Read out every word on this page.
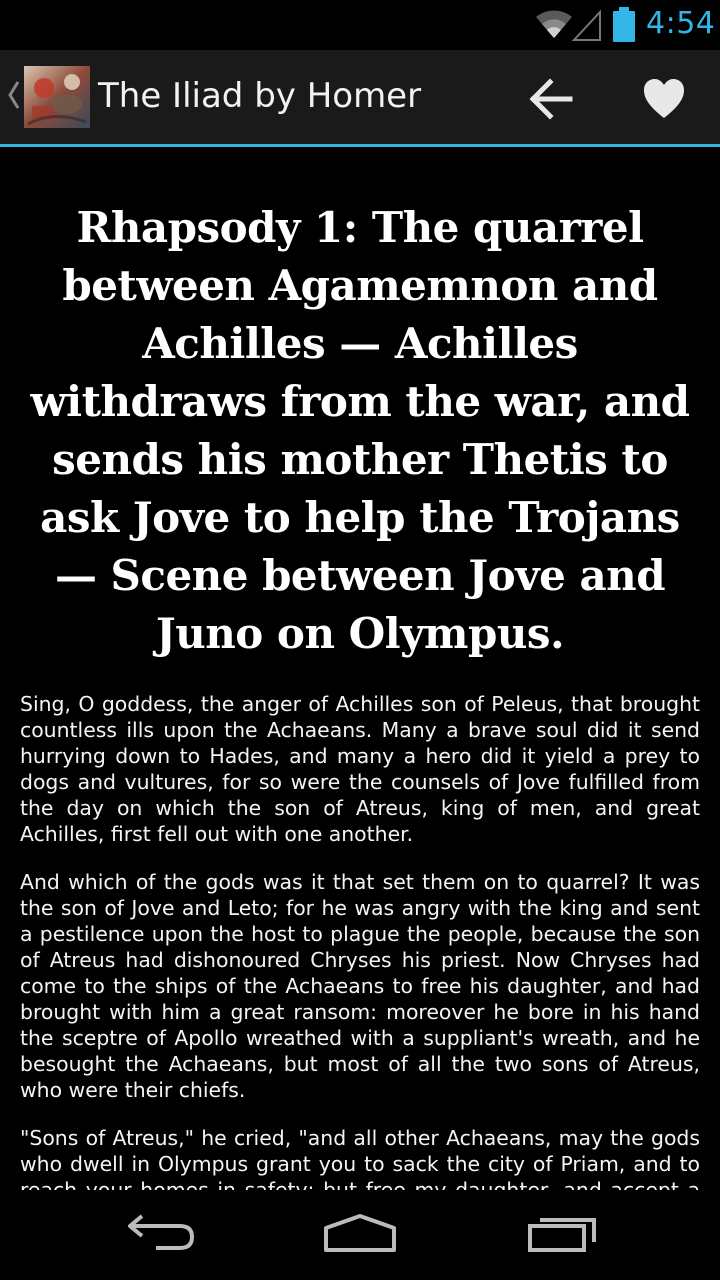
4:54
The Iliad by Homer
Rhapsody 1: The quarrel between Agamemnon and Achilles — Achilles withdraws from the war, and sends his mother Thetis to ask Jove to help the Trojans — Scene between Jove and Juno on Olympus.

Sing, O goddess, the anger of Achilles son of Peleus, that brought countless ills upon the Achaeans. Many a brave soul did it send hurrying down to Hades, and many a hero did it yield a prey to dogs and vultures, for so were the counsels of Jove fulfilled from the day on which the son of Atreus, king of men, and great Achilles, first fell out with one another.

And which of the gods was it that set them on to quarrel? It was the son of Jove and Leto; for he was angry with the king and sent a pestilence upon the host to plague the people, because the son of Atreus had dishonoured Chryses his priest. Now Chryses had come to the ships of the Achaeans to free his daughter, and had brought with him a great ransom: moreover he bore in his hand the sceptre of Apollo wreathed with a suppliant's wreath, and he besought the Achaeans, but most of all the two sons of Atreus, who were their chiefs.

"Sons of Atreus," he cried, "and all other Achaeans, may the gods who dwell in Olympus grant you to sack the city of Priam, and to
